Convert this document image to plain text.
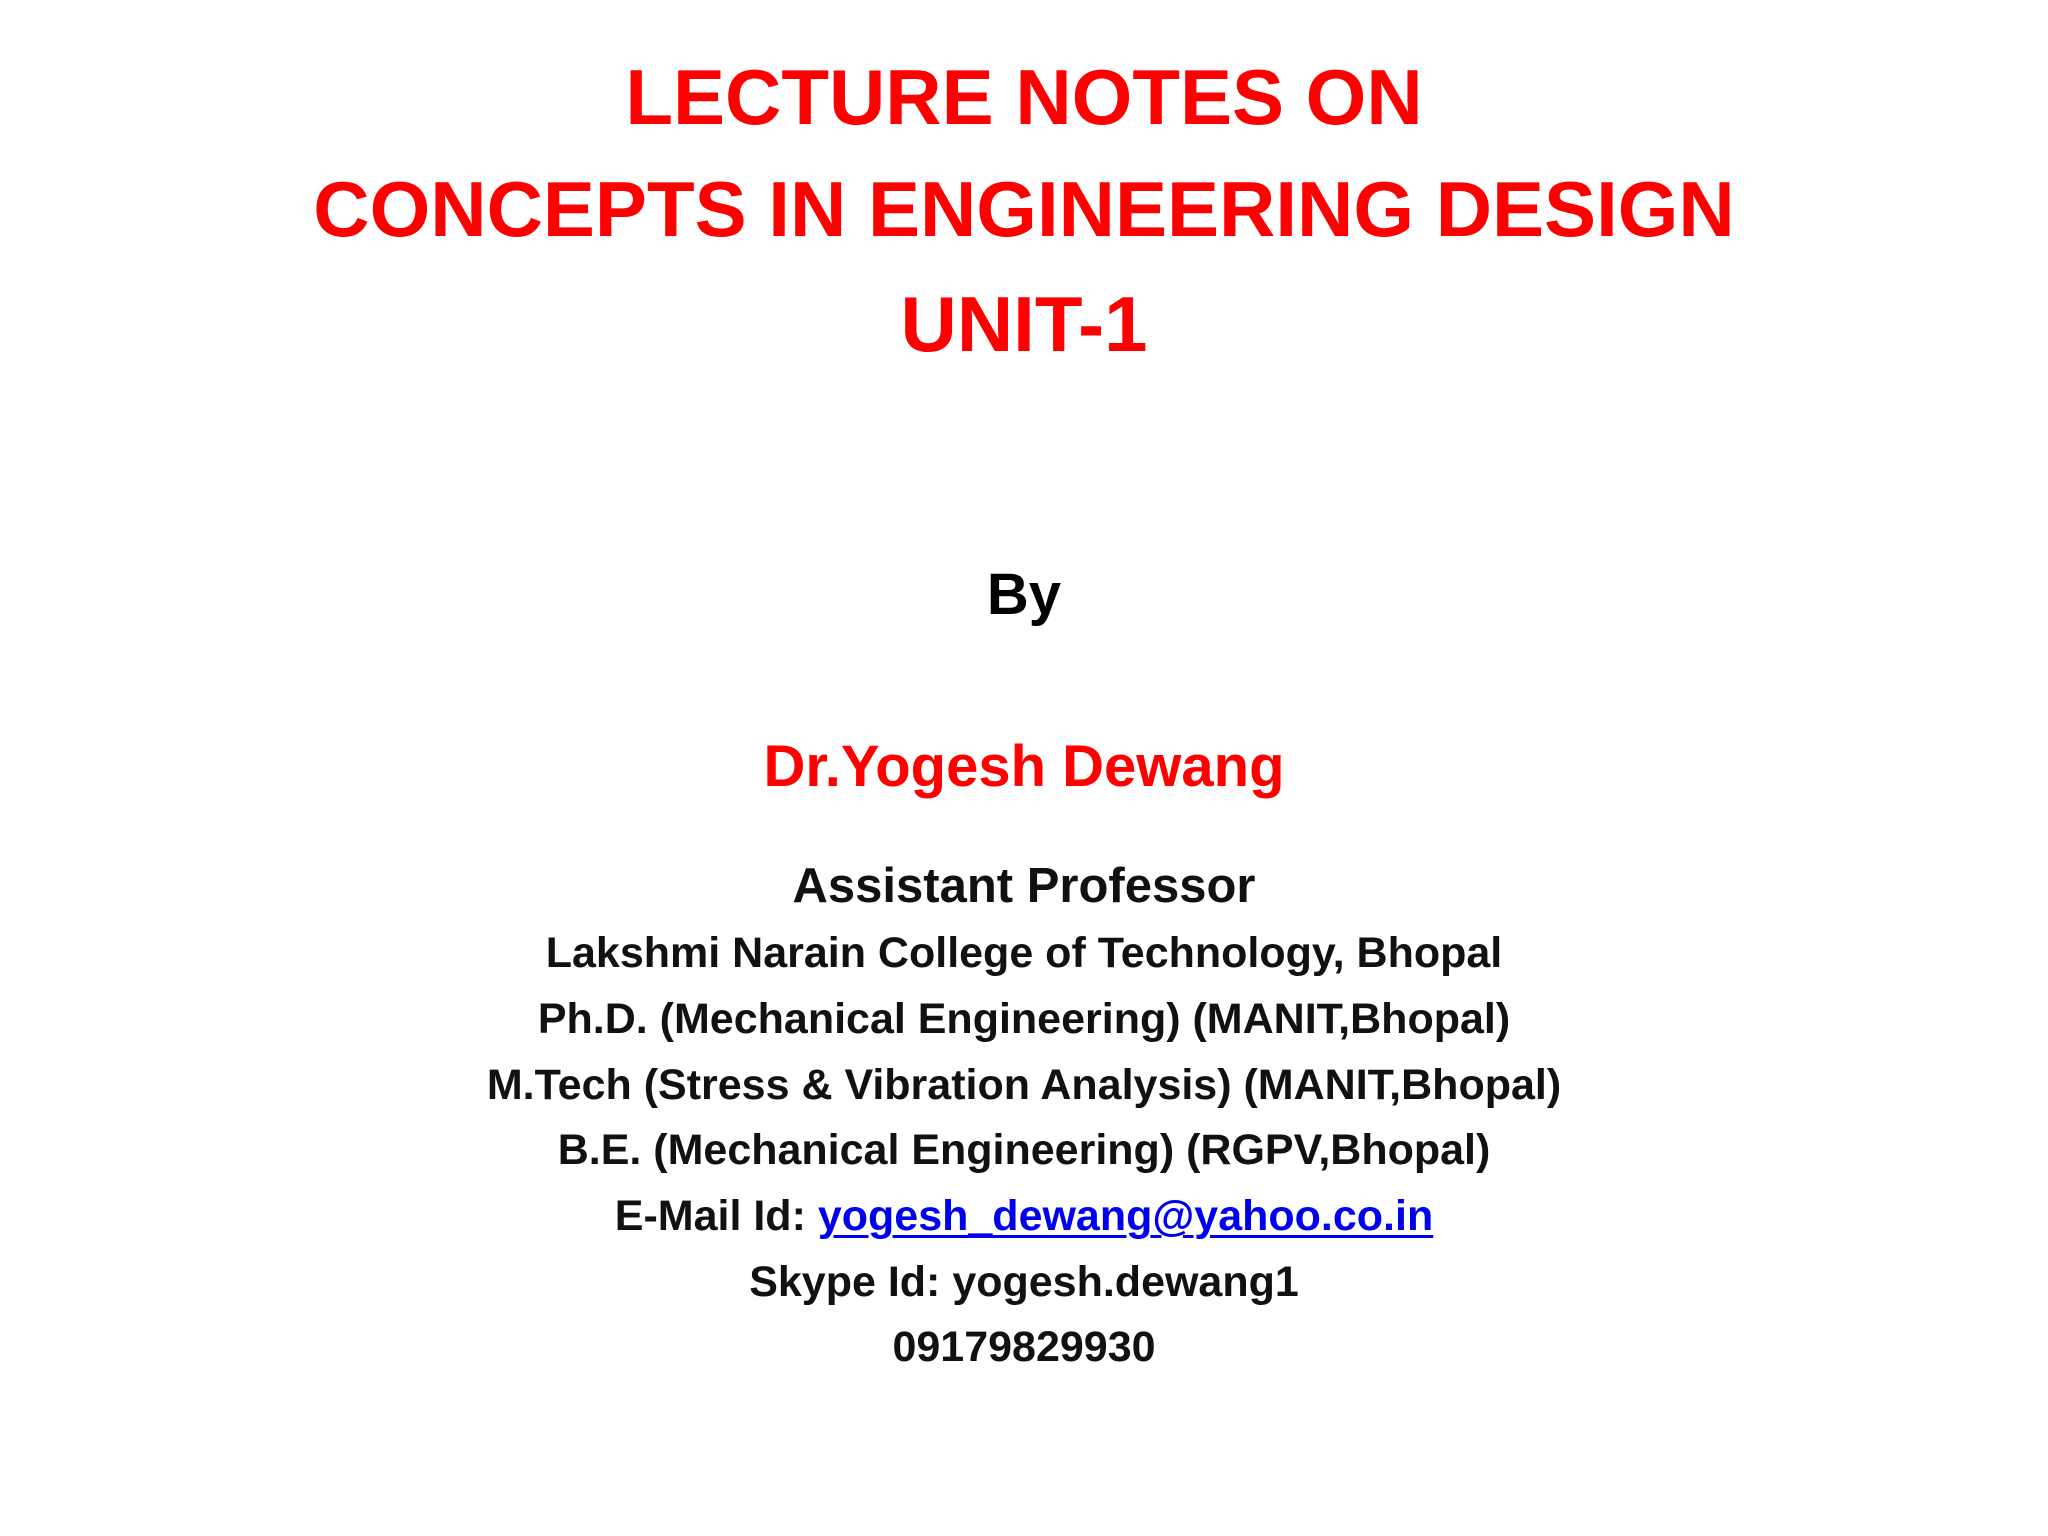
LECTURE NOTES ON
CONCEPTS IN ENGINEERING DESIGN
UNIT-1
By
Dr.Yogesh Dewang
Assistant Professor
Lakshmi Narain College of Technology, Bhopal
Ph.D. (Mechanical Engineering) (MANIT,Bhopal)
M.Tech (Stress & Vibration Analysis) (MANIT,Bhopal)
B.E. (Mechanical Engineering) (RGPV,Bhopal)
E-Mail Id: yogesh_dewang@yahoo.co.in
Skype Id: yogesh.dewang1
09179829930
